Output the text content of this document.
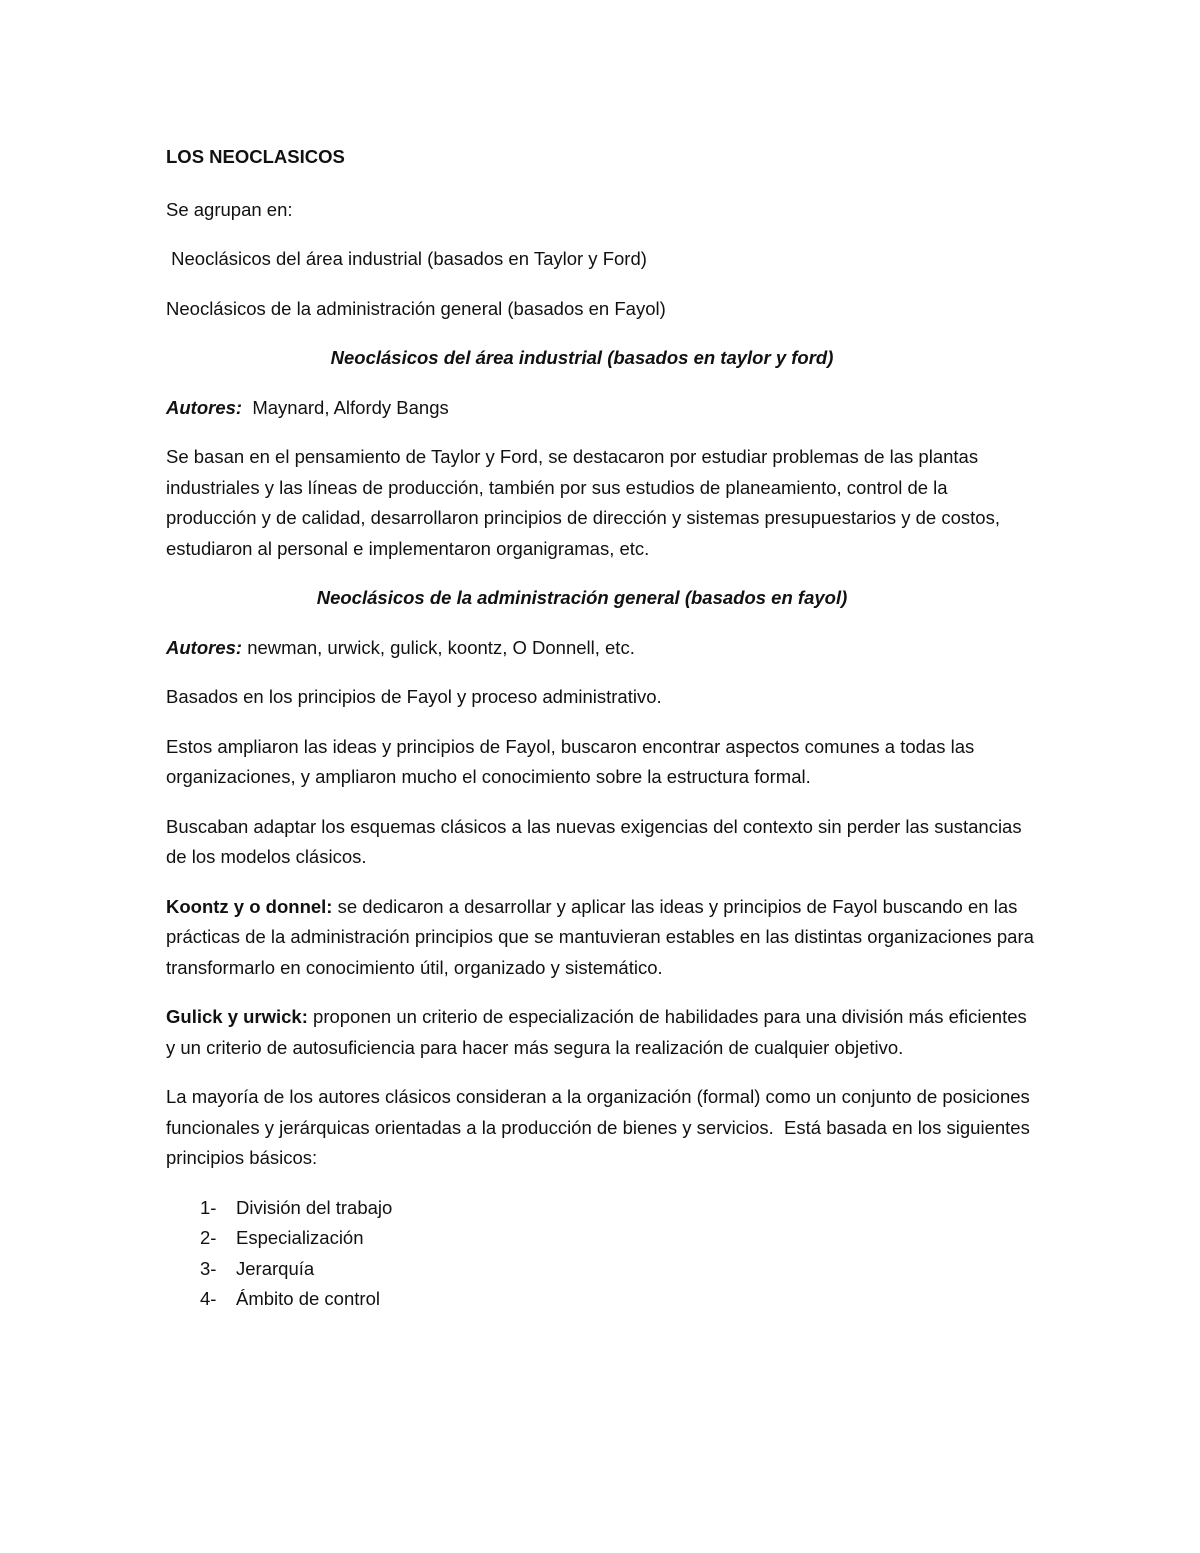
LOS NEOCLASICOS

Se agrupan en:

Neoclásicos del área industrial (basados en Taylor y Ford)

Neoclásicos de la administración general (basados en Fayol)

Neoclásicos del área industrial (basados en taylor y ford)

Autores:  Maynard, Alfordy Bangs

Se basan en el pensamiento de Taylor y Ford, se destacaron por estudiar problemas de las plantas industriales y las líneas de producción, también por sus estudios de planeamiento, control de la producción y de calidad, desarrollaron principios de dirección y sistemas presupuestarios y de costos, estudiaron al personal e implementaron organigramas, etc.

Neoclásicos de la administración general (basados en fayol)

Autores: newman, urwick, gulick, koontz, O Donnell, etc.

Basados en los principios de Fayol y proceso administrativo.

Estos ampliaron las ideas y principios de Fayol, buscaron encontrar aspectos comunes a todas las organizaciones, y ampliaron mucho el conocimiento sobre la estructura formal.

Buscaban adaptar los esquemas clásicos a las nuevas exigencias del contexto sin perder las sustancias de los modelos clásicos.

Koontz y o donnel: se dedicaron a desarrollar y aplicar las ideas y principios de Fayol buscando en las prácticas de la administración principios que se mantuvieran estables en las distintas organizaciones para transformarlo en conocimiento útil, organizado y sistemático.

Gulick y urwick: proponen un criterio de especialización de habilidades para una división más eficientes y un criterio de autosuficiencia para hacer más segura la realización de cualquier objetivo.

La mayoría de los autores clásicos consideran a la organización (formal) como un conjunto de posiciones funcionales y jerárquicas orientadas a la producción de bienes y servicios.  Está basada en los siguientes principios básicos:

1-	División del trabajo
2-	Especialización
3-	Jerarquía
4-	Ámbito de control
